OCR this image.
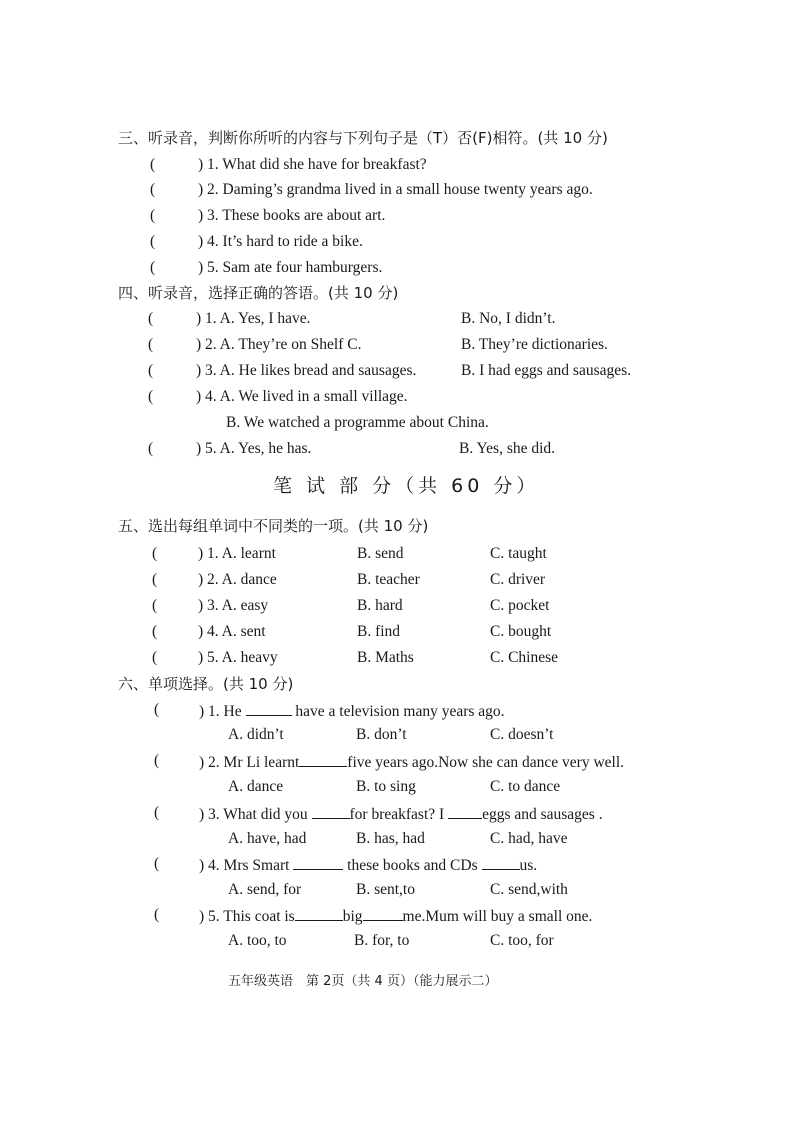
三、听录音，判断你所听的内容与下列句子是（T）否(F)相符。(共 10 分)
(	) 1. What did she have for breakfast?
(	) 2. Daming’s grandma lived in a small house twenty years ago.
(	) 3. These books are about art.
(	) 4. It’s hard to ride a bike.
(	) 5. Sam ate four hamburgers.
四、听录音，选择正确的答语。(共 10 分)
(	) 1. A. Yes, I have.	B. No, I didn’t.
(	) 2. A. They’re on Shelf C.	B. They’re dictionaries.
(	) 3. A. He likes bread and sausages.	B. I had eggs and sausages.
(	) 4. A. We lived in a small village.
B. We watched a programme about China.
(	) 5. A. Yes, he has.	B. Yes, she did.
笔 试 部 分（共 60 分）
五、选出每组单词中不同类的一项。(共 10 分)
(	) 1. A. learnt	B. send	C. taught
(	) 2. A. dance	B. teacher	C. driver
(	) 3. A. easy	B. hard	C. pocket
(	) 4. A. sent	B. find	C. bought
(	) 5. A. heavy	B. Maths	C. Chinese
六、单项选择。(共 10 分)
(	) 1. He	have a television many years ago.
A. didn’t	B. don’t	C. doesn’t
(	) 2. Mr Li learnt	five years ago.Now she can dance very well.
A. dance	B. to sing	C. to dance
(	) 3. What did you for breakfast? I eggs and sausages .
A. have, had	B. has, had	C. had, have
(	) 4. Mrs Smart	these books and CDs us.
A. send, for	B. sent,to	C. send,with
(	) 5. This coat is	big	me.Mum will buy a small one.
A. too, to	B. for, to	C. too, for
五年级英语　第 2页（共 4 页）（能力展示二）
